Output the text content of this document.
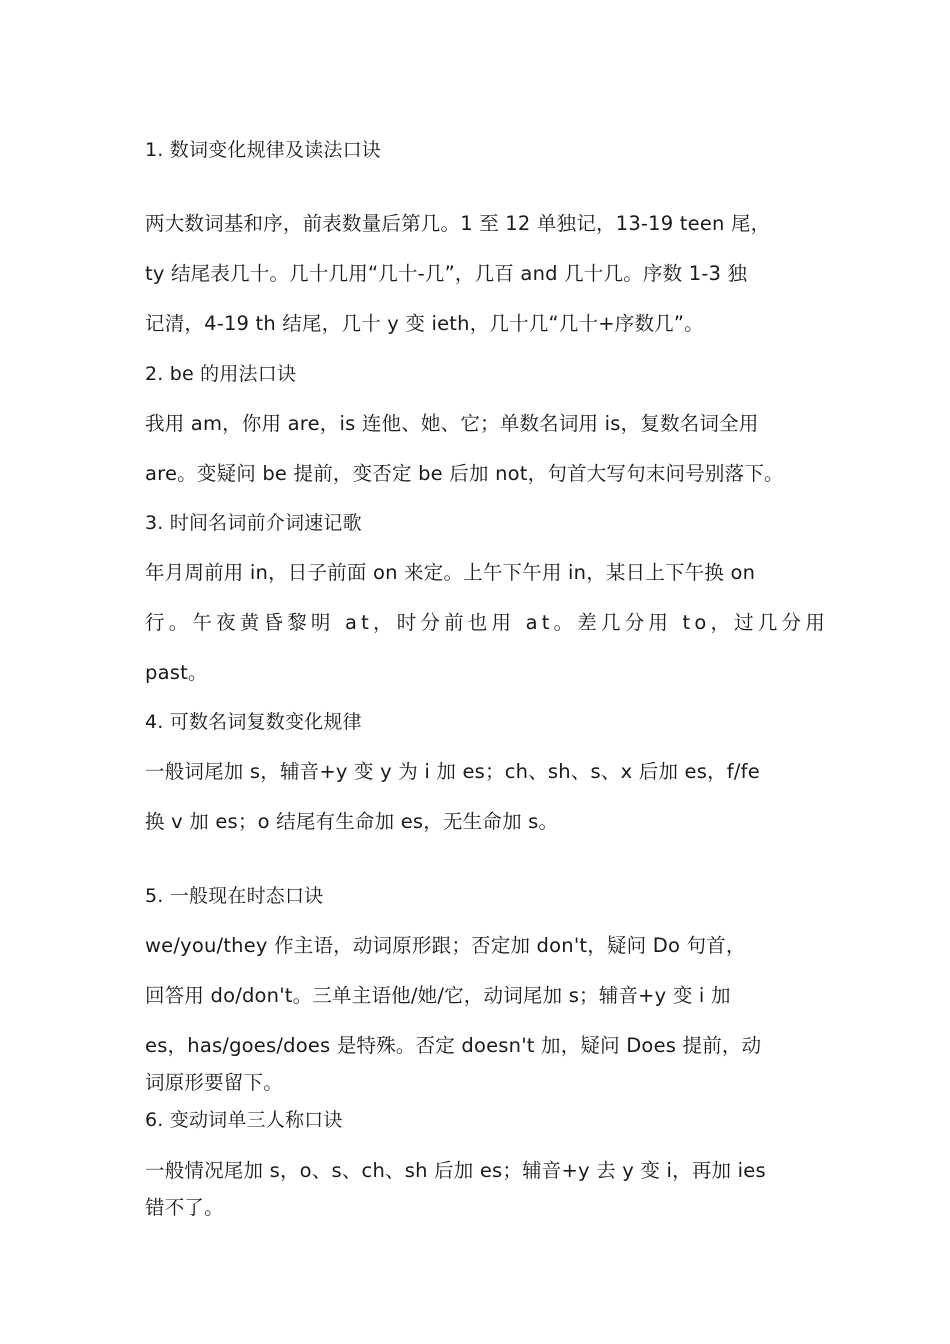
1. 数词变化规律及读法口诀
两大数词基和序，前表数量后第几。1 至 12 单独记，13-19 teen 尾，
ty 结尾表几十。几十几用“几十-几”，几百 and 几十几。序数 1-3 独
记清，4-19 th 结尾，几十 y 变 ieth，几十几“几十+序数几”。
2. be 的用法口诀
我用 am，你用 are，is 连他、她、它；单数名词用 is，复数名词全用
are。变疑问 be 提前，变否定 be 后加 not，句首大写句末问号别落下。
3. 时间名词前介词速记歌
年月周前用 in，日子前面 on 来定。上午下午用 in，某日上下午换 on
行。午夜黄昏黎明 at，时分前也用 at。差几分用 to，过几分用
past。
4. 可数名词复数变化规律
一般词尾加 s，辅音+y 变 y 为 i 加 es；ch、sh、s、x 后加 es，f/fe
换 v 加 es；o 结尾有生命加 es，无生命加 s。
5. 一般现在时态口诀
we/you/they 作主语，动词原形跟；否定加 don't，疑问 Do 句首，
回答用 do/don't。三单主语他/她/它，动词尾加 s；辅音+y 变 i 加
es，has/goes/does 是特殊。否定 doesn't 加，疑问 Does 提前，动
词原形要留下。
6. 变动词单三人称口诀
一般情况尾加 s，o、s、ch、sh 后加 es；辅音+y 去 y 变 i，再加 ies
错不了。
